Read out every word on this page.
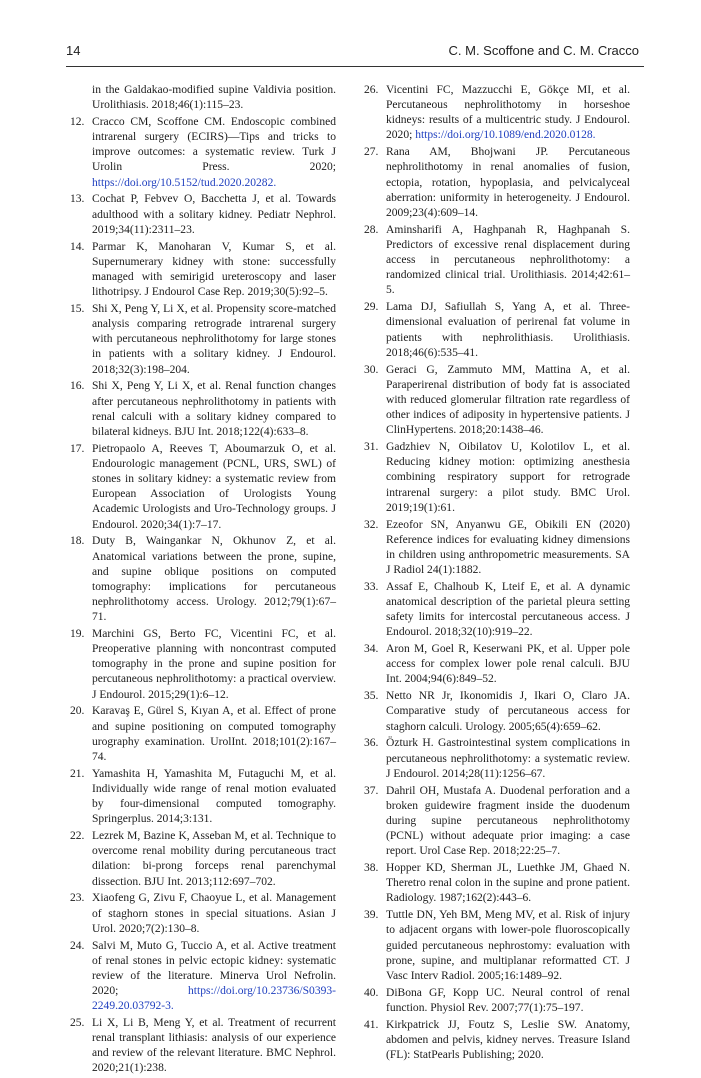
14	C. M. Scoffone and C. M. Cracco

in the Galdakao-modified supine Valdivia position. Urolithiasis. 2018;46(1):115–23.

12. Cracco CM, Scoffone CM. Endoscopic combined intrarenal surgery (ECIRS)—Tips and tricks to improve outcomes: a systematic review. Turk J Urolin Press. 2020; https://doi.org/10.5152/tud.2020.20282.

13. Cochat P, Febvev O, Bacchetta J, et al. Towards adulthood with a solitary kidney. Pediatr Nephrol. 2019;34(11):2311–23.

14. Parmar K, Manoharan V, Kumar S, et al. Supernumerary kidney with stone: successfully managed with semirigid ureteroscopy and laser lithotripsy. J Endourol Case Rep. 2019;30(5):92–5.

15. Shi X, Peng Y, Li X, et al. Propensity score-matched analysis comparing retrograde intrarenal surgery with percutaneous nephrolithotomy for large stones in patients with a solitary kidney. J Endourol. 2018;32(3):198–204.

16. Shi X, Peng Y, Li X, et al. Renal function changes after percutaneous nephrolithotomy in patients with renal calculi with a solitary kidney compared to bilateral kidneys. BJU Int. 2018;122(4):633–8.

17. Pietropaolo A, Reeves T, Aboumarzuk O, et al. Endourologic management (PCNL, URS, SWL) of stones in solitary kidney: a systematic review from European Association of Urologists Young Academic Urologists and Uro-Technology groups. J Endourol. 2020;34(1):7–17.

18. Duty B, Waingankar N, Okhunov Z, et al. Anatomical variations between the prone, supine, and supine oblique positions on computed tomography: implications for percutaneous nephrolithotomy access. Urology. 2012;79(1):67–71.

19. Marchini GS, Berto FC, Vicentini FC, et al. Preoperative planning with noncontrast computed tomography in the prone and supine position for percutaneous nephrolithotomy: a practical overview. J Endourol. 2015;29(1):6–12.

20. Karavaş E, Gürel S, Kıyan A, et al. Effect of prone and supine positioning on computed tomography urography examination. UrolInt. 2018;101(2):167–74.

21. Yamashita H, Yamashita M, Futaguchi M, et al. Individually wide range of renal motion evaluated by four-dimensional computed tomography. Springerplus. 2014;3:131.

22. Lezrek M, Bazine K, Asseban M, et al. Technique to overcome renal mobility during percutaneous tract dilation: bi-prong forceps renal parenchymal dissection. BJU Int. 2013;112:697–702.

23. Xiaofeng G, Zivu F, Chaoyue L, et al. Management of staghorn stones in special situations. Asian J Urol. 2020;7(2):130–8.

24. Salvi M, Muto G, Tuccio A, et al. Active treatment of renal stones in pelvic ectopic kidney: systematic review of the literature. Minerva Urol Nefrolin. 2020; https://doi.org/10.23736/S0393-2249.20.03792-3.

25. Li X, Li B, Meng Y, et al. Treatment of recurrent renal transplant lithiasis: analysis of our experience and review of the relevant literature. BMC Nephrol. 2020;21(1):238.

26. Vicentini FC, Mazzucchi E, Gökçe MI, et al. Percutaneous nephrolithotomy in horseshoe kidneys: results of a multicentric study. J Endourol. 2020; https://doi.org/10.1089/end.2020.0128.

27. Rana AM, Bhojwani JP. Percutaneous nephrolithotomy in renal anomalies of fusion, ectopia, rotation, hypoplasia, and pelvicalyceal aberration: uniformity in heterogeneity. J Endourol. 2009;23(4):609–14.

28. Aminsharifi A, Haghpanah R, Haghpanah S. Predictors of excessive renal displacement during access in percutaneous nephrolithotomy: a randomized clinical trial. Urolithiasis. 2014;42:61–5.

29. Lama DJ, Safiullah S, Yang A, et al. Three-dimensional evaluation of perirenal fat volume in patients with nephrolithiasis. Urolithiasis. 2018;46(6):535–41.

30. Geraci G, Zammuto MM, Mattina A, et al. Paraperirenal distribution of body fat is associated with reduced glomerular filtration rate regardless of other indices of adiposity in hypertensive patients. J ClinHypertens. 2018;20:1438–46.

31. Gadzhiev N, Oibilatov U, Kolotilov L, et al. Reducing kidney motion: optimizing anesthesia combining respiratory support for retrograde intrarenal surgery: a pilot study. BMC Urol. 2019;19(1):61.

32. Ezeofor SN, Anyanwu GE, Obikili EN (2020) Reference indices for evaluating kidney dimensions in children using anthropometric measurements. SA J Radiol 24(1):1882.

33. Assaf E, Chalhoub K, Lteif E, et al. A dynamic anatomical description of the parietal pleura setting safety limits for intercostal percutaneous access. J Endourol. 2018;32(10):919–22.

34. Aron M, Goel R, Keserwani PK, et al. Upper pole access for complex lower pole renal calculi. BJU Int. 2004;94(6):849–52.

35. Netto NR Jr, Ikonomidis J, Ikari O, Claro JA. Comparative study of percutaneous access for staghorn calculi. Urology. 2005;65(4):659–62.

36. Özturk H. Gastrointestinal system complications in percutaneous nephrolithotomy: a systematic review. J Endourol. 2014;28(11):1256–67.

37. Dahril OH, Mustafa A. Duodenal perforation and a broken guidewire fragment inside the duodenum during supine percutaneous nephrolithotomy (PCNL) without adequate prior imaging: a case report. Urol Case Rep. 2018;22:25–7.

38. Hopper KD, Sherman JL, Luethke JM, Ghaed N. Theretro renal colon in the supine and prone patient. Radiology. 1987;162(2):443–6.

39. Tuttle DN, Yeh BM, Meng MV, et al. Risk of injury to adjacent organs with lower-pole fluoroscopically guided percutaneous nephrostomy: evaluation with prone, supine, and multiplanar reformatted CT. J Vasc Interv Radiol. 2005;16:1489–92.

40. DiBona GF, Kopp UC. Neural control of renal function. Physiol Rev. 2007;77(1):75–197.

41. Kirkpatrick JJ, Foutz S, Leslie SW. Anatomy, abdomen and pelvis, kidney nerves. Treasure Island (FL): StatPearls Publishing; 2020.
